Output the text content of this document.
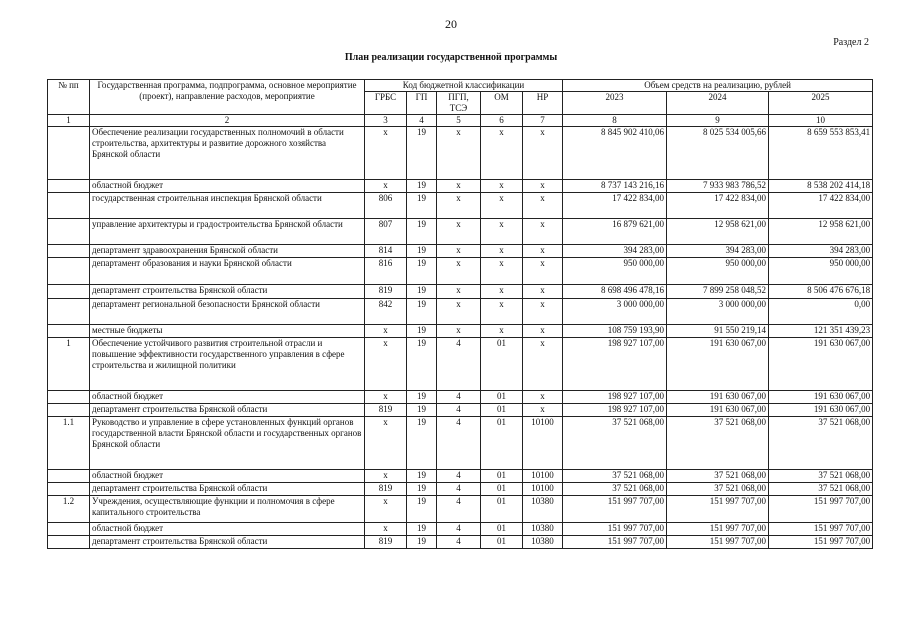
20
Раздел 2
План реализации государственной программы
№ пп	Государственная программа, подпрограмма, основное мероприятие (проект), направление расходов, мероприятие	Код бюджетной классификации					Объем средств на реализацию, рублей		
		ГРБС	ГП	ПГП, ТСЭ	ОМ	НР	2023	2024	2025
1	2	3	4	5	6	7	8	9	10
	Обеспечение реализации государственных полномочий в области строительства, архитектуры и развитие дорожного хозяйства Брянской области	х	19	х	х	х	8 845 902 410,06	8 025 534 005,66	8 659 553 853,41
	областной бюджет	х	19	х	х	х	8 737 143 216,16	7 933 983 786,52	8 538 202 414,18
	государственная строительная инспекция Брянской области	806	19	х	х	х	17 422 834,00	17 422 834,00	17 422 834,00
	управление архитектуры и градостроительства Брянской области	807	19	х	х	х	16 879 621,00	12 958 621,00	12 958 621,00
	департамент здравоохранения Брянской области	814	19	х	х	х	394 283,00	394 283,00	394 283,00
	департамент образования и науки Брянской области	816	19	х	х	х	950 000,00	950 000,00	950 000,00
	департамент строительства Брянской области	819	19	х	х	х	8 698 496 478,16	7 899 258 048,52	8 506 476 676,18
	департамент региональной безопасности Брянской области	842	19	х	х	х	3 000 000,00	3 000 000,00	0,00
	местные бюджеты	х	19	х	х	х	108 759 193,90	91 550 219,14	121 351 439,23
1	Обеспечение устойчивого развития строительной отрасли и повышение эффективности государственного управления в сфере строительства и жилищной политики	х	19	4	01	х	198 927 107,00	191 630 067,00	191 630 067,00
	областной бюджет	х	19	4	01	х	198 927 107,00	191 630 067,00	191 630 067,00
	департамент строительства Брянской области	819	19	4	01	х	198 927 107,00	191 630 067,00	191 630 067,00
1.1	Руководство и управление в сфере установленных функций органов государственной власти Брянской области и государственных органов Брянской области	х	19	4	01	10100	37 521 068,00	37 521 068,00	37 521 068,00
	областной бюджет	х	19	4	01	10100	37 521 068,00	37 521 068,00	37 521 068,00
	департамент строительства Брянской области	819	19	4	01	10100	37 521 068,00	37 521 068,00	37 521 068,00
1.2	Учреждения, осуществляющие функции и полномочия в сфере капитального строительства	х	19	4	01	10380	151 997 707,00	151 997 707,00	151 997 707,00
	областной бюджет	х	19	4	01	10380	151 997 707,00	151 997 707,00	151 997 707,00
	департамент строительства Брянской области	819	19	4	01	10380	151 997 707,00	151 997 707,00	151 997 707,00
